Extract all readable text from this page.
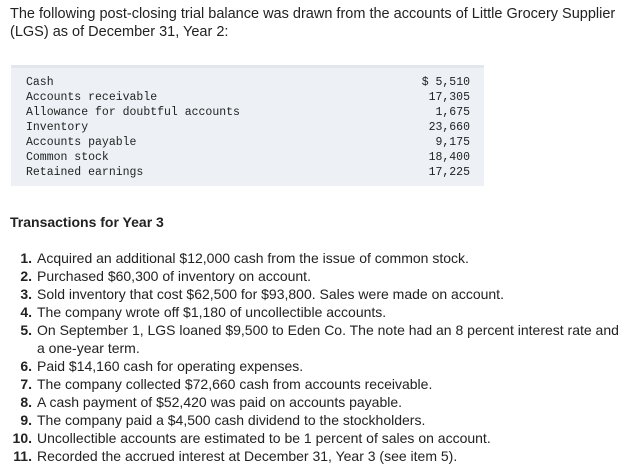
The following post-closing trial balance was drawn from the accounts of Little Grocery Supplier (LGS) as of December 31, Year 2:

Cash	$ 5,510
Accounts receivable	17,305
Allowance for doubtful accounts	1,675
Inventory	23,660
Accounts payable	9,175
Common stock	18,400
Retained earnings	17,225
Transactions for Year 3
1. Acquired an additional $12,000 cash from the issue of common stock.
2. Purchased $60,300 of inventory on account.
3. Sold inventory that cost $62,500 for $93,800. Sales were made on account.
4. The company wrote off $1,180 of uncollectible accounts.
5. On September 1, LGS loaned $9,500 to Eden Co. The note had an 8 percent interest rate and a one-year term.
6. Paid $14,160 cash for operating expenses.
7. The company collected $72,660 cash from accounts receivable.
8. A cash payment of $52,420 was paid on accounts payable.
9. The company paid a $4,500 cash dividend to the stockholders.
10. Uncollectible accounts are estimated to be 1 percent of sales on account.
11. Recorded the accrued interest at December 31, Year 3 (see item 5).
